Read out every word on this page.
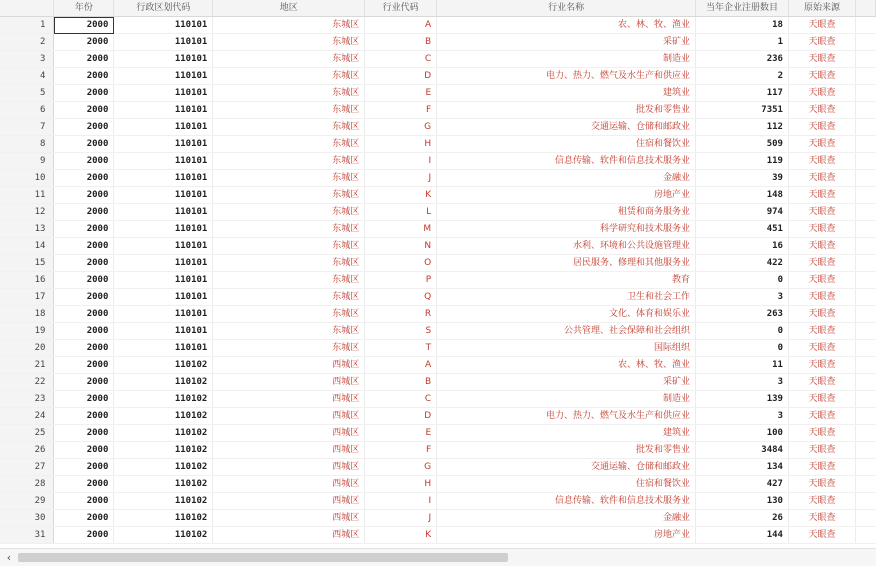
	年份	行政区划代码	地区	行业代码	行业名称	当年企业注册数目	原始来源	
1	2000	110101	东城区	A	农、林、牧、渔业	18	天眼查	
2	2000	110101	东城区	B	采矿业	1	天眼查	
3	2000	110101	东城区	C	制造业	236	天眼查	
4	2000	110101	东城区	D	电力、热力、燃气及水生产和供应业	2	天眼查	
5	2000	110101	东城区	E	建筑业	117	天眼查	
6	2000	110101	东城区	F	批发和零售业	7351	天眼查	
7	2000	110101	东城区	G	交通运输、仓储和邮政业	112	天眼查	
8	2000	110101	东城区	H	住宿和餐饮业	509	天眼查	
9	2000	110101	东城区	I	信息传输、软件和信息技术服务业	119	天眼查	
10	2000	110101	东城区	J	金融业	39	天眼查	
11	2000	110101	东城区	K	房地产业	148	天眼查	
12	2000	110101	东城区	L	租赁和商务服务业	974	天眼查	
13	2000	110101	东城区	M	科学研究和技术服务业	451	天眼查	
14	2000	110101	东城区	N	水利、环境和公共设施管理业	16	天眼查	
15	2000	110101	东城区	O	居民服务、修理和其他服务业	422	天眼查	
16	2000	110101	东城区	P	教育	0	天眼查	
17	2000	110101	东城区	Q	卫生和社会工作	3	天眼查	
18	2000	110101	东城区	R	文化、体育和娱乐业	263	天眼查	
19	2000	110101	东城区	S	公共管理、社会保障和社会组织	0	天眼查	
20	2000	110101	东城区	T	国际组织	0	天眼查	
21	2000	110102	西城区	A	农、林、牧、渔业	11	天眼查	
22	2000	110102	西城区	B	采矿业	3	天眼查	
23	2000	110102	西城区	C	制造业	139	天眼查	
24	2000	110102	西城区	D	电力、热力、燃气及水生产和供应业	3	天眼查	
25	2000	110102	西城区	E	建筑业	100	天眼查	
26	2000	110102	西城区	F	批发和零售业	3484	天眼查	
27	2000	110102	西城区	G	交通运输、仓储和邮政业	134	天眼查	
28	2000	110102	西城区	H	住宿和餐饮业	427	天眼查	
29	2000	110102	西城区	I	信息传输、软件和信息技术服务业	130	天眼查	
30	2000	110102	西城区	J	金融业	26	天眼查	
31	2000	110102	西城区	K	房地产业	144	天眼查	
‹
